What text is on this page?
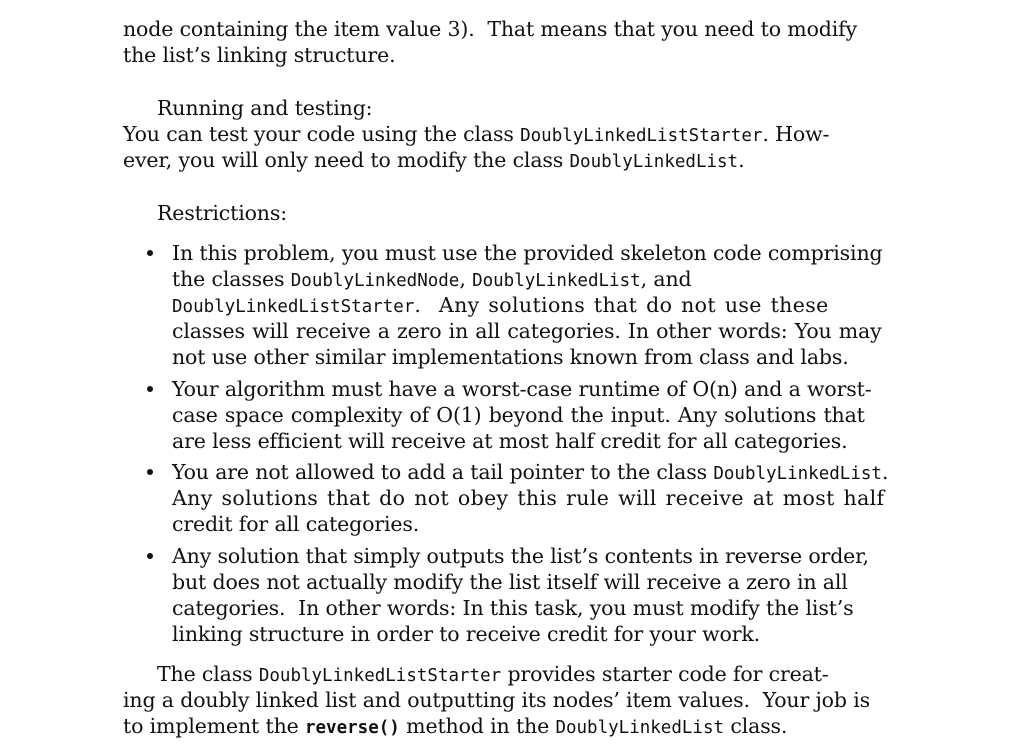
node containing the item value 3).  That means that you need to modify
the list’s linking structure.
Running and testing:
You can test your code using the class DoublyLinkedListStarter. How-
ever, you will only need to modify the class DoublyLinkedList.
Restrictions:
In this problem, you must use the provided skeleton code comprising
the classes DoublyLinkedNode, DoublyLinkedList, and
DoublyLinkedListStarter.  Any solutions that do not use these
classes will receive a zero in all categories. In other words: You may
not use other similar implementations known from class and labs.
Your algorithm must have a worst-case runtime of O(n) and a worst-
case space complexity of O(1) beyond the input. Any solutions that
are less efficient will receive at most half credit for all categories.
You are not allowed to add a tail pointer to the class DoublyLinkedList.
Any solutions that do not obey this rule will receive at most half
credit for all categories.
Any solution that simply outputs the list’s contents in reverse order,
but does not actually modify the list itself will receive a zero in all
categories.  In other words: In this task, you must modify the list’s
linking structure in order to receive credit for your work.
The class DoublyLinkedListStarter provides starter code for creat-
ing a doubly linked list and outputting its nodes’ item values.  Your job is
to implement the reverse() method in the DoublyLinkedList class.
